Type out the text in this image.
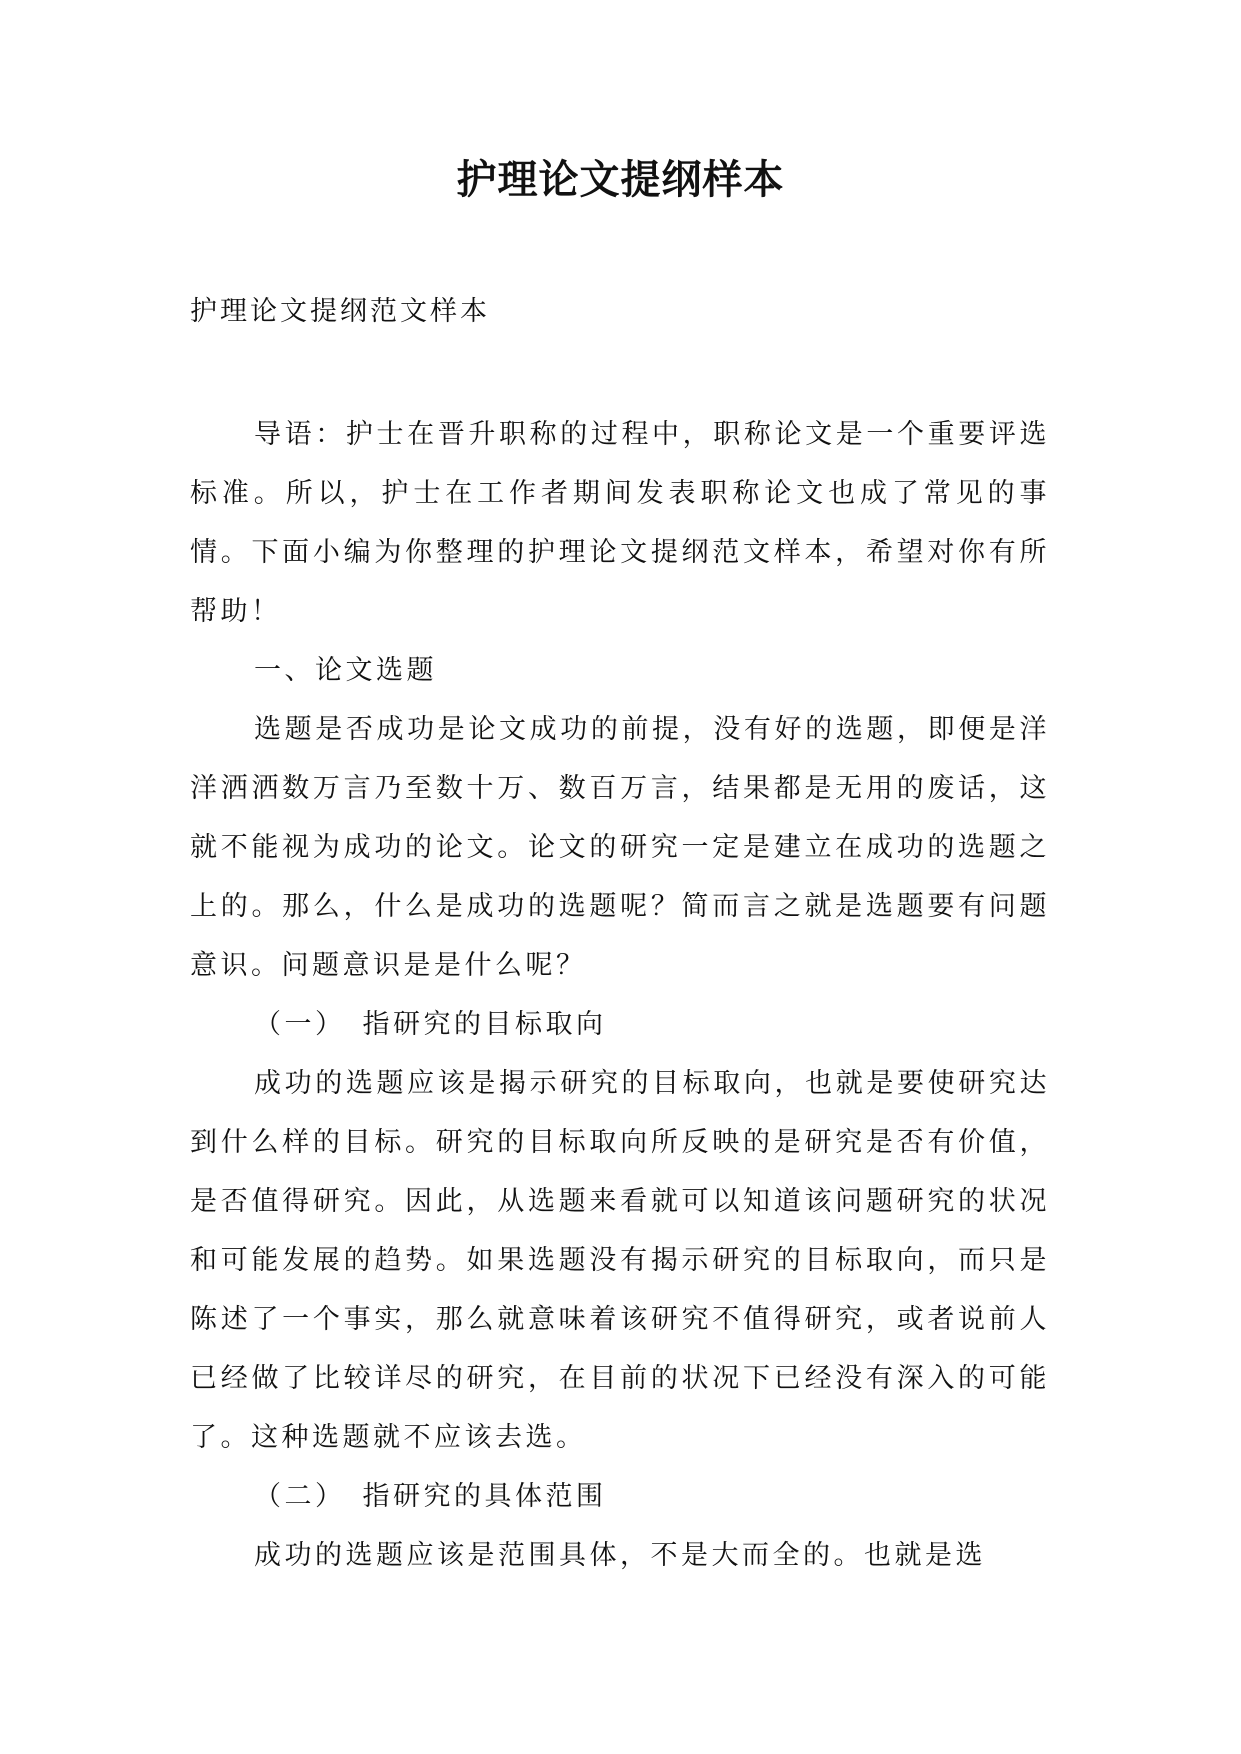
护理论文提纲样本

护理论文提纲范文样本

导语：护士在晋升职称的过程中，职称论文是一个重要评选标准。所以，护士在工作者期间发表职称论文也成了常见的事情。下面小编为你整理的护理论文提纲范文样本，希望对你有所帮助！

一、论文选题

选题是否成功是论文成功的前提，没有好的选题，即便是洋洋洒洒数万言乃至数十万、数百万言，结果都是无用的废话，这就不能视为成功的论文。论文的研究一定是建立在成功的选题之上的。那么，什么是成功的选题呢？简而言之就是选题要有问题意识。问题意识是是什么呢？

（一）　指研究的目标取向

成功的选题应该是揭示研究的目标取向，也就是要使研究达到什么样的目标。研究的目标取向所反映的是研究是否有价值，是否值得研究。因此，从选题来看就可以知道该问题研究的状况和可能发展的趋势。如果选题没有揭示研究的目标取向，而只是陈述了一个事实，那么就意味着该研究不值得研究，或者说前人已经做了比较详尽的研究，在目前的状况下已经没有深入的可能了。这种选题就不应该去选。

（二）　指研究的具体范围

成功的选题应该是范围具体，不是大而全的。也就是选
